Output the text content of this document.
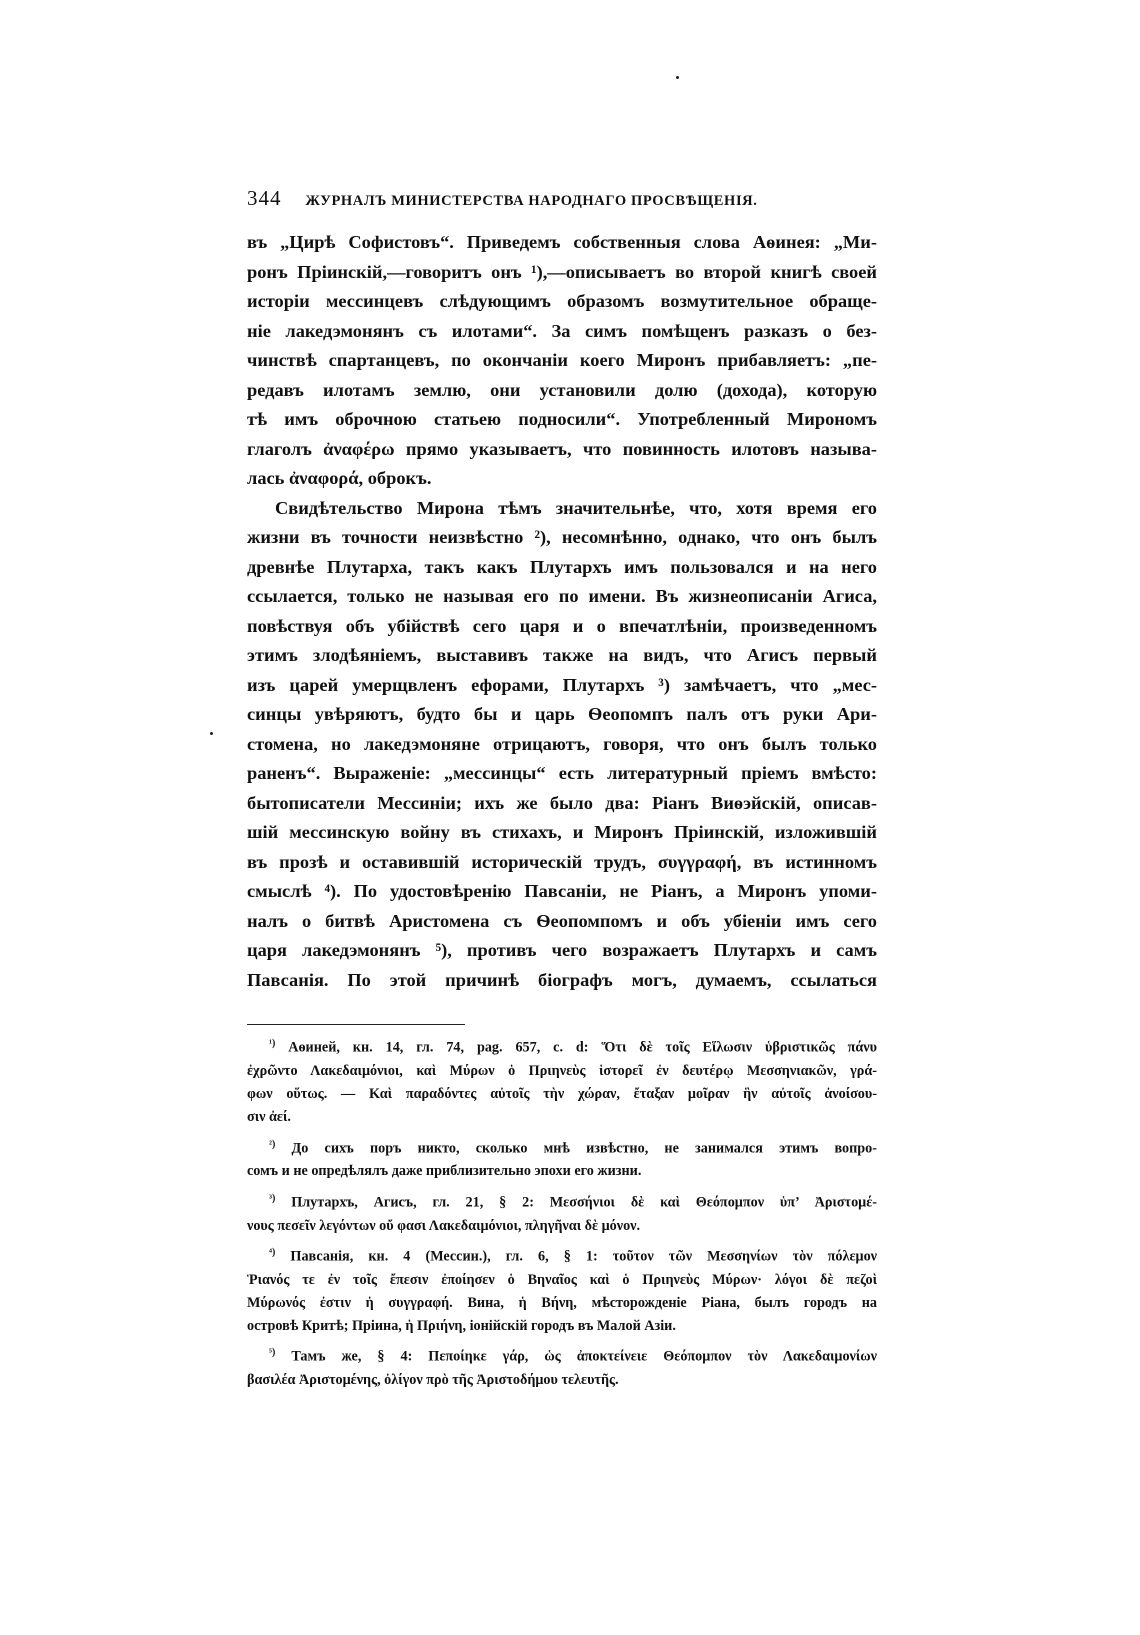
344 ЖУРНАЛЪ МИНИСТЕРСТВА НАРОДНАГО ПРОСВѢЩЕНІЯ.

въ „Цирѣ Софистовъ“. Приведемъ собственныя слова Аѳинея: „Ми-
ронъ Пріинскій,—говоритъ онъ ¹),—описываетъ во второй книгѣ своей
исторіи мессинцевъ слѣдующимъ образомъ возмутительное обраще-
ніе лакедэмонянъ съ илотами“. За симъ помѣщенъ разказъ о без-
чинствѣ спартанцевъ, по окончаніи коего Миронъ прибавляетъ: „пе-
редавъ илотамъ землю, они установили долю (дохода), которую
тѣ имъ оброчною статьею подносили“. Употребленный Мирономъ
глаголъ ἀναφέρω прямо указываетъ, что повинность илотовъ называ-
лась ἀναφορά, оброкъ.

Свидѣтельство Мирона тѣмъ значительнѣе, что, хотя время его
жизни въ точности неизвѣстно ²), несомнѣнно, однако, что онъ былъ
древнѣе Плутарха, такъ какъ Плутархъ имъ пользовался и на него
ссылается, только не называя его по имени. Въ жизнеописаніи Агиса,
повѣствуя объ убійствѣ сего царя и о впечатлѣніи, произведенномъ
этимъ злодѣяніемъ, выставивъ также на видъ, что Агисъ первый
изъ царей умерщвленъ ефорами, Плутархъ ³) замѣчаетъ, что „мес-
синцы увѣряютъ, будто бы и царь Ѳеопомпъ палъ отъ руки Ари-
стомена, но лакедэмоняне отрицаютъ, говоря, что онъ былъ только
раненъ“. Выраженіе: „мессинцы“ есть литературный пріемъ вмѣсто:
бытописатели Мессиніи; ихъ же было два: Ріанъ Виѳэйскій, описав-
шій мессинскую войну въ стихахъ, и Миронъ Пріинскій, изложившій
въ прозѣ и оставившій историческій трудъ, συγγραφή, въ истинномъ
смыслѣ ⁴). По удостовѣренію Павсаніи, не Ріанъ, а Миронъ упоми-
налъ о битвѣ Аристомена съ Ѳеопомпомъ и объ убіеніи имъ сего
царя лакедэмонянъ ⁵), противъ чего возражаетъ Плутархъ и самъ
Павсанія. По этой причинѣ біографъ могъ, думаемъ, ссылаться

$^{^1)}$ Аѳиней, кн. 14, гл. 74, pag. 657, c. d: Ὅτι δὲ τοῖς Εἵλωσιν ὑβριστικῶς πάνυ
ἐχρῶντο Λακεδαιμόνιοι, καὶ Μύρων ὁ Πριηνεὺς ἱστορεῖ ἐν δευτέρῳ Μεσσηνιακῶν, γρά-
φων οὕτως. — Καὶ παραδόντες αὐτοῖς τὴν χώραν, ἔταξαν μοῖραν ἣν αὐτοῖς ἀνοίσου-
σιν ἀεί.
$^{^2)}$ До сихъ поръ никто, сколько мнѣ извѣстно, не занимался этимъ вопро-
сомъ и не опредѣлялъ даже приблизительно эпохи его жизни.
$^{^3)}$ Плутархъ, Агисъ, гл. 21, § 2: Μεσσήνιοι δὲ καὶ Θεόπομπον ὑπ’ Ἀριστομέ-
νους πεσεῖν λεγόντων οὔ φασι Λακεδαιμόνιοι, πληγῆναι δὲ μόνον.
$^{^4)}$ Павсанія, кн. 4 (Мессин.), гл. 6, § 1: τοῦτον τῶν Μεσσηνίων τὸν πόλεμον
Ῥιανός τε ἐν τοῖς ἔπεσιν ἐποίησεν ὁ Βηναῖος καὶ ὁ Πριηνεὺς Μύρων· λόγοι δὲ πεζοὶ
Μύρωνός ἐστιν ἡ συγγραφή. Вина, ἡ Βήνη, мѣсторожденіе Ріана, былъ городъ на
островѣ Критѣ; Пріина, ἡ Πριήνη, іонійскій городъ въ Малой Азіи.
$^{^5)}$ Тамъ же, § 4: Πεποίηκε γάρ, ὡς ἀποκτείνειε Θεόπομπον τὸν Λακεδαιμονίων
βασιλέα Ἀριστομένης, ὀλίγον πρὸ τῆς Ἀριστοδήμου τελευτῆς.
